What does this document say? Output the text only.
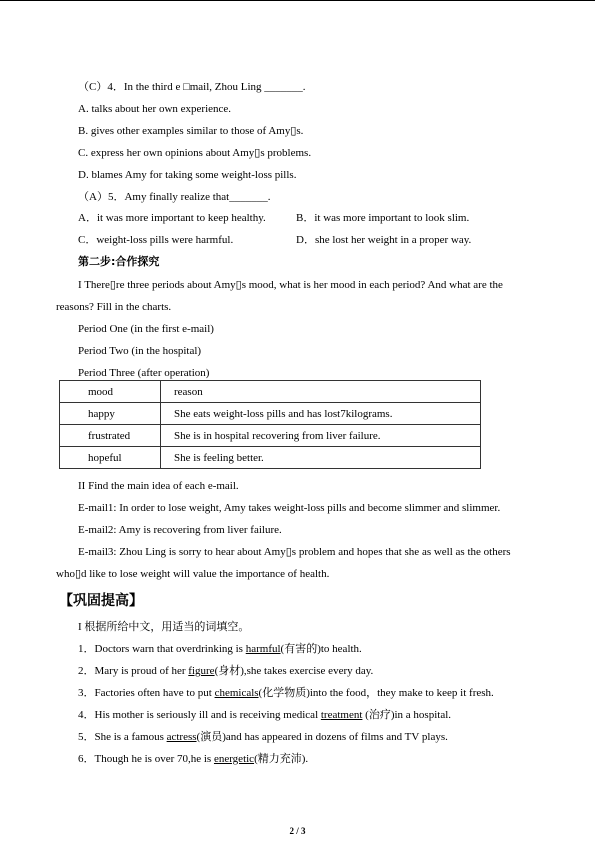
（C）4．In the third e □mail, Zhou Ling _______.
A. talks about her own experience.
B. gives other examples similar to those of Amy▯s.
C. express her own opinions about Amy▯s problems.
D. blames Amy for taking some weight-loss pills.
（A）5．Amy finally realize that_______.
A．it was more important to keep healthy.	B．it was more important to look slim.
C．weight-loss pills were harmful.	D．she lost her weight in a proper way.
第二步:合作探究
I There▯re three periods about Amy▯s mood, what is her mood in each period? And what are the
reasons? Fill in the charts.
Period One (in the first e-mail)
Period Two (in the hospital)
Period Three (after operation)
mood	reason
happy	She eats weight-loss pills and has lost7kilograms.
frustrated	She is in hospital recovering from liver failure.
hopeful	She is feeling better.
II Find the main idea of each e-mail.
E-mail1: In order to lose weight, Amy takes weight-loss pills and become slimmer and slimmer.
E-mail2: Amy is recovering from liver failure.
E-mail3: Zhou Ling is sorry to hear about Amy▯s problem and hopes that she as well as the others
who▯d like to lose weight will value the importance of health.
【巩固提高】
I 根据所给中文，用适当的词填空。
1．Doctors warn that overdrinking is harmful(有害的)to health.
2．Mary is proud of her figure(身材),she takes exercise every day.
3．Factories often have to put chemicals(化学物质)into the food，they make to keep it fresh.
4．His mother is seriously ill and is receiving medical treatment (治疗)in a hospital.
5．She is a famous actress(演员)and has appeared in dozens of films and TV plays.
6．Though he is over 70,he is energetic(精力充沛).
2 / 3
